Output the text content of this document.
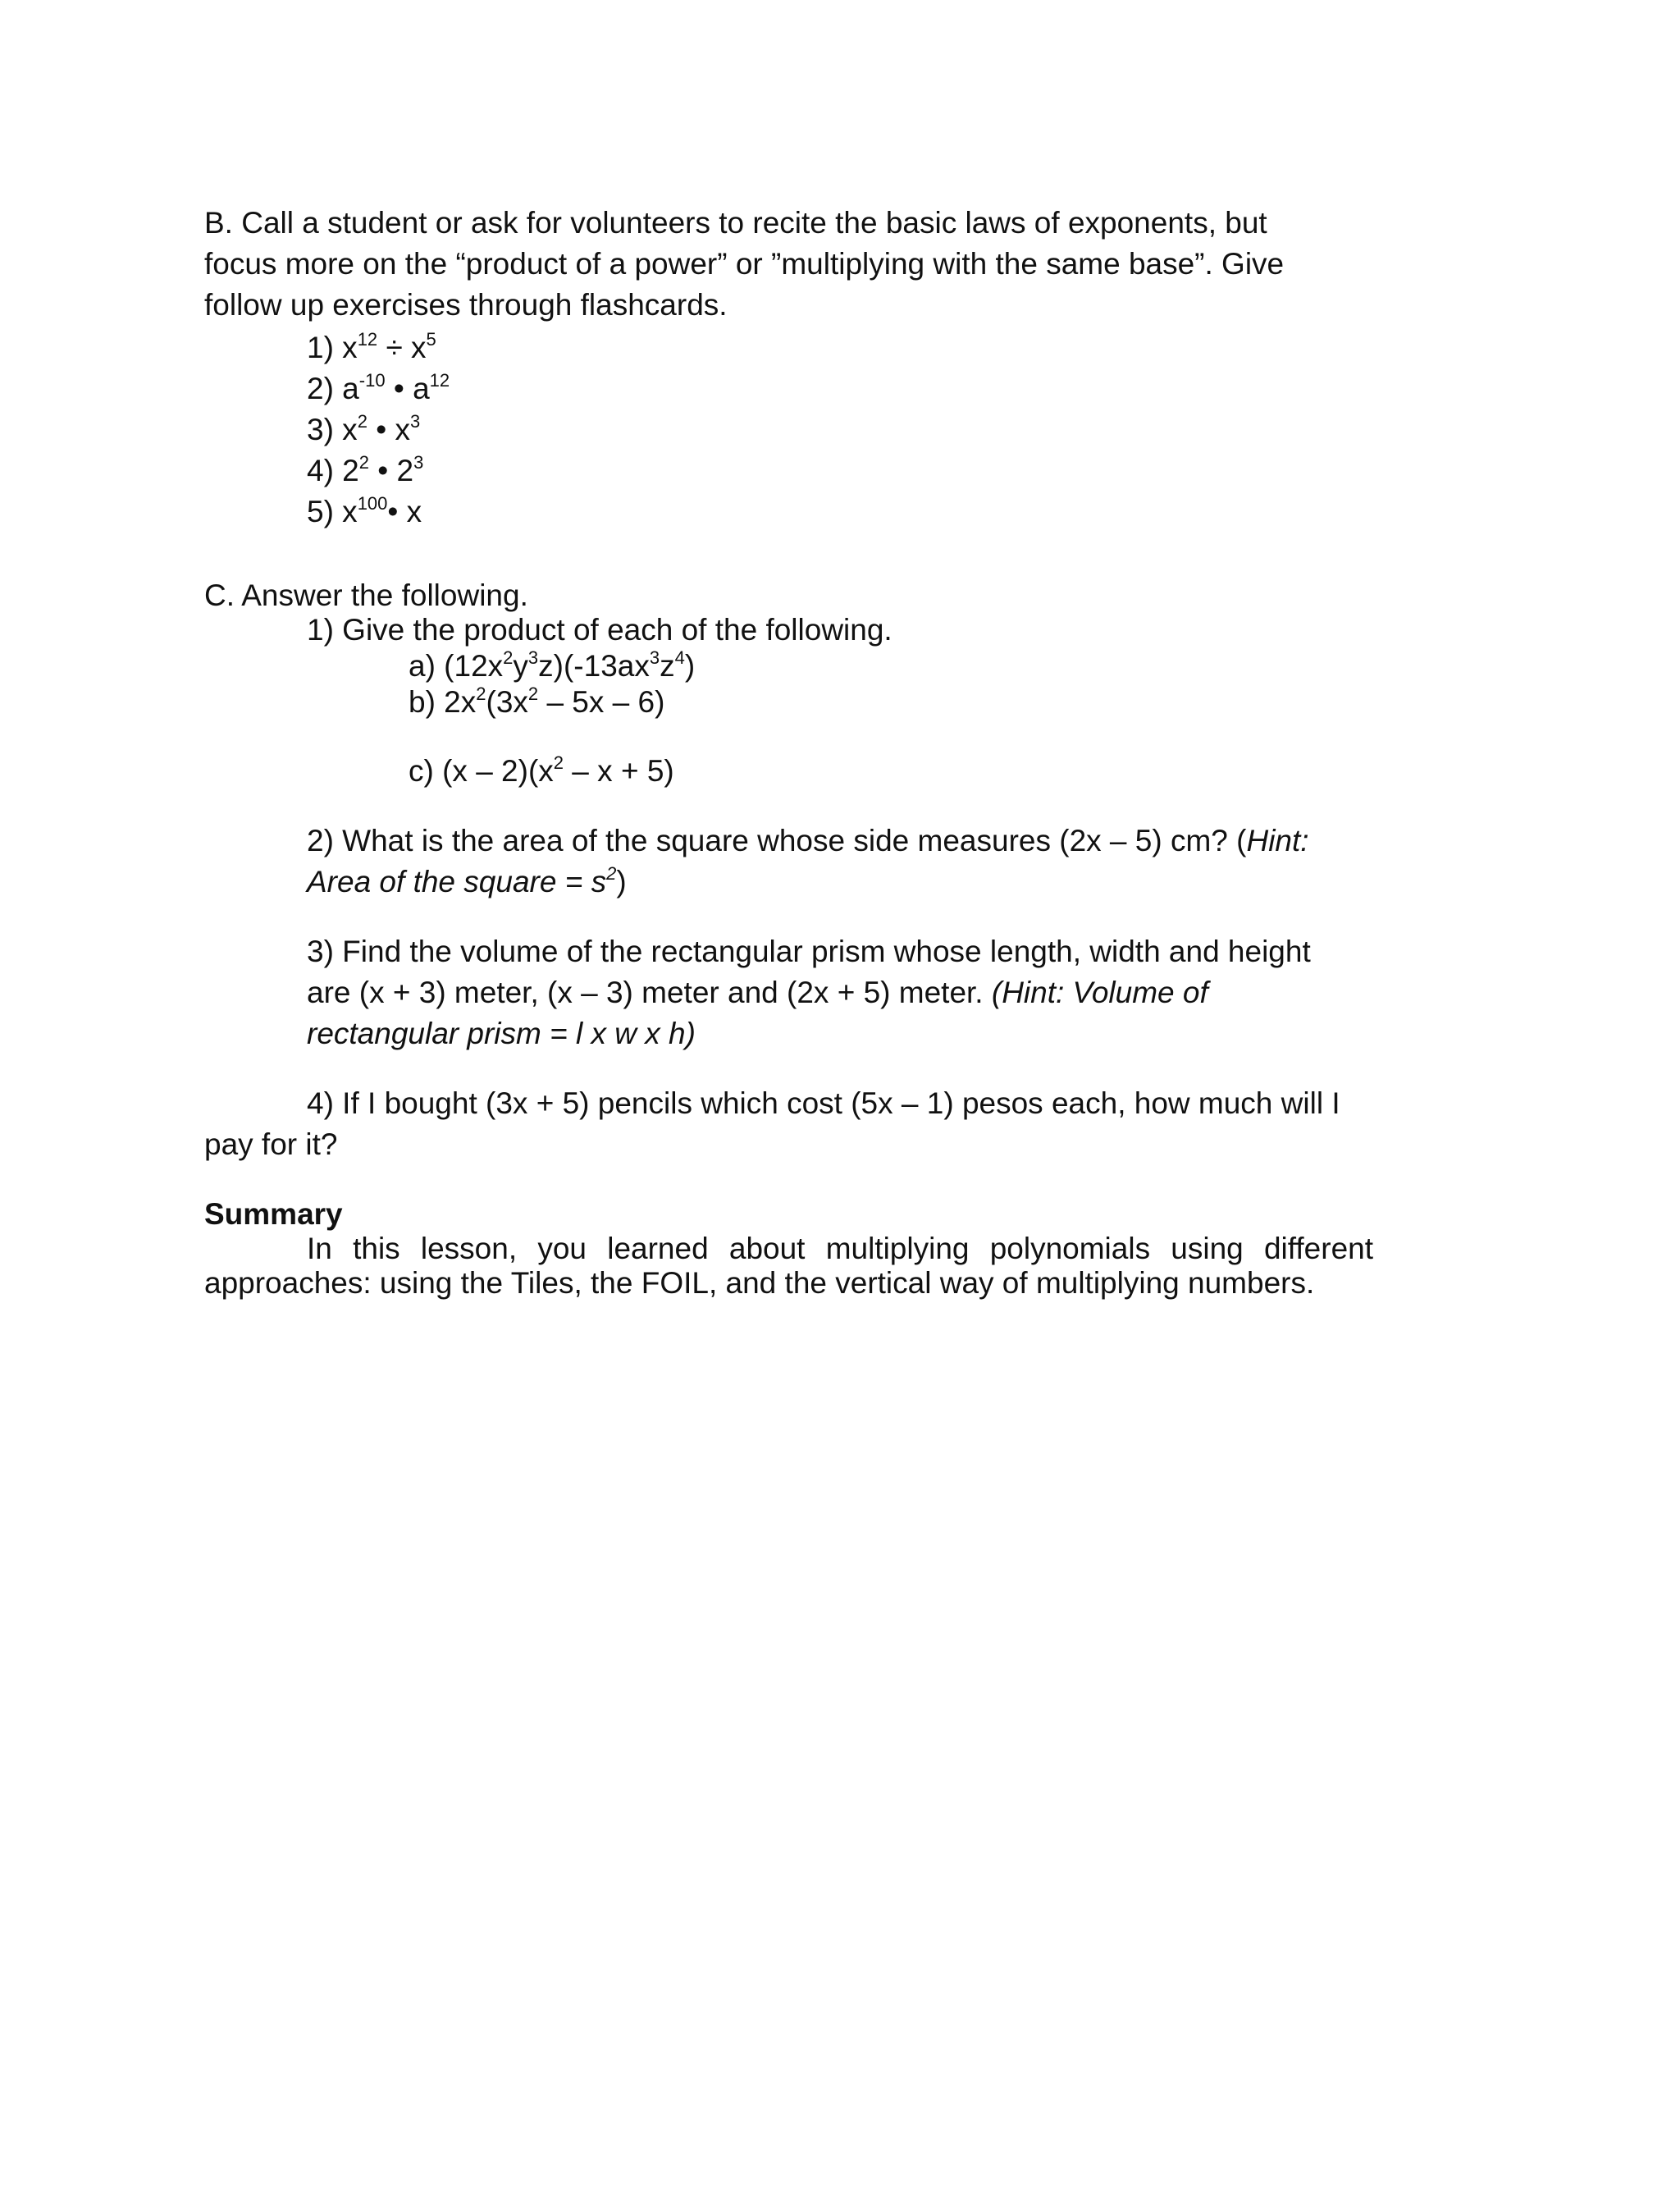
B. Call a student or ask for volunteers to recite the basic laws of exponents, but
focus more on the “product of a power” or ”multiplying with the same base”. Give
follow up exercises through flashcards.
1) $x^{12} \div x^5$
2) $a^{-10}$ • $a^{12}$
3) $x^2$ • $x^3$
4) $2^2$ • $2^3$
5) $x^{100}•$ x
C. Answer the following.
1) Give the product of each of the following.
a) $(12x^2y^3z)(-13ax^3z^4)$
b) $2x^2(3x^2 - 5x - 6)$
c) $(x - 2)(x^2 - x + 5)$
2) What is the area of the square whose side measures (2x – 5) cm? (Hint:
Area of the square = $s^2$)
3) Find the volume of the rectangular prism whose length, width and height
are (x + 3) meter, (x – 3) meter and (2x + 5) meter. (Hint: Volume of
rectangular prism = l x w x h)
4) If I bought (3x + 5) pencils which cost (5x – 1) pesos each, how much will I
pay for it?
Summary
In this lesson, you learned about multiplying polynomials using different
approaches: using the Tiles, the FOIL, and the vertical way of multiplying numbers.
